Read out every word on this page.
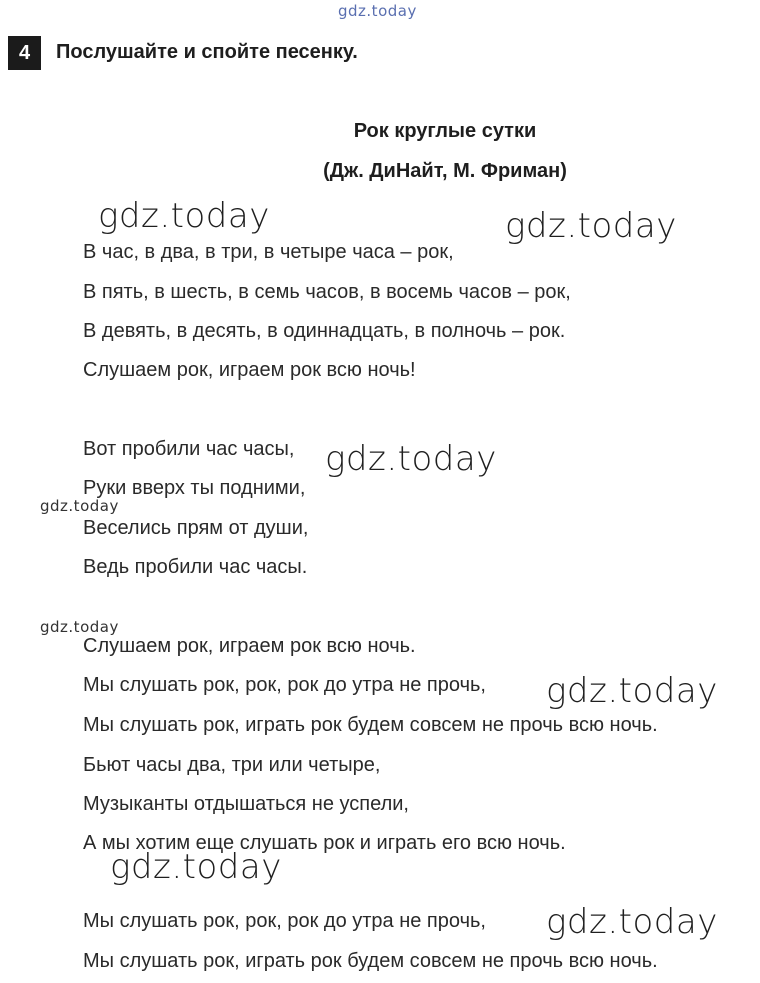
gdz.today
gdz.today	gdz.today
gdz.today
gdz.today
gdz.today
gdz.today
gdz.today
gdz.today
4	Послушайте и спойте песенку.
Рок круглые сутки
(Дж. ДиНайт, М. Фриман)
В час, в два, в три, в четыре часа – рок,
В пять, в шесть, в семь часов, в восемь часов – рок,
В девять, в десять, в одиннадцать, в полночь – рок.
Слушаем рок, играем рок всю ночь!
Вот пробили час часы,
Руки вверх ты подними,
Веселись прям от души,
Ведь пробили час часы.
Слушаем рок, играем рок всю ночь.
Мы слушать рок, рок, рок до утра не прочь,
Мы слушать рок, играть рок будем совсем не прочь всю ночь.
Бьют часы два, три или четыре,
Музыканты отдышаться не успели,
А мы хотим еще слушать рок и играть его всю ночь.
Мы слушать рок, рок, рок до утра не прочь,
Мы слушать рок, играть рок будем совсем не прочь всю ночь.
